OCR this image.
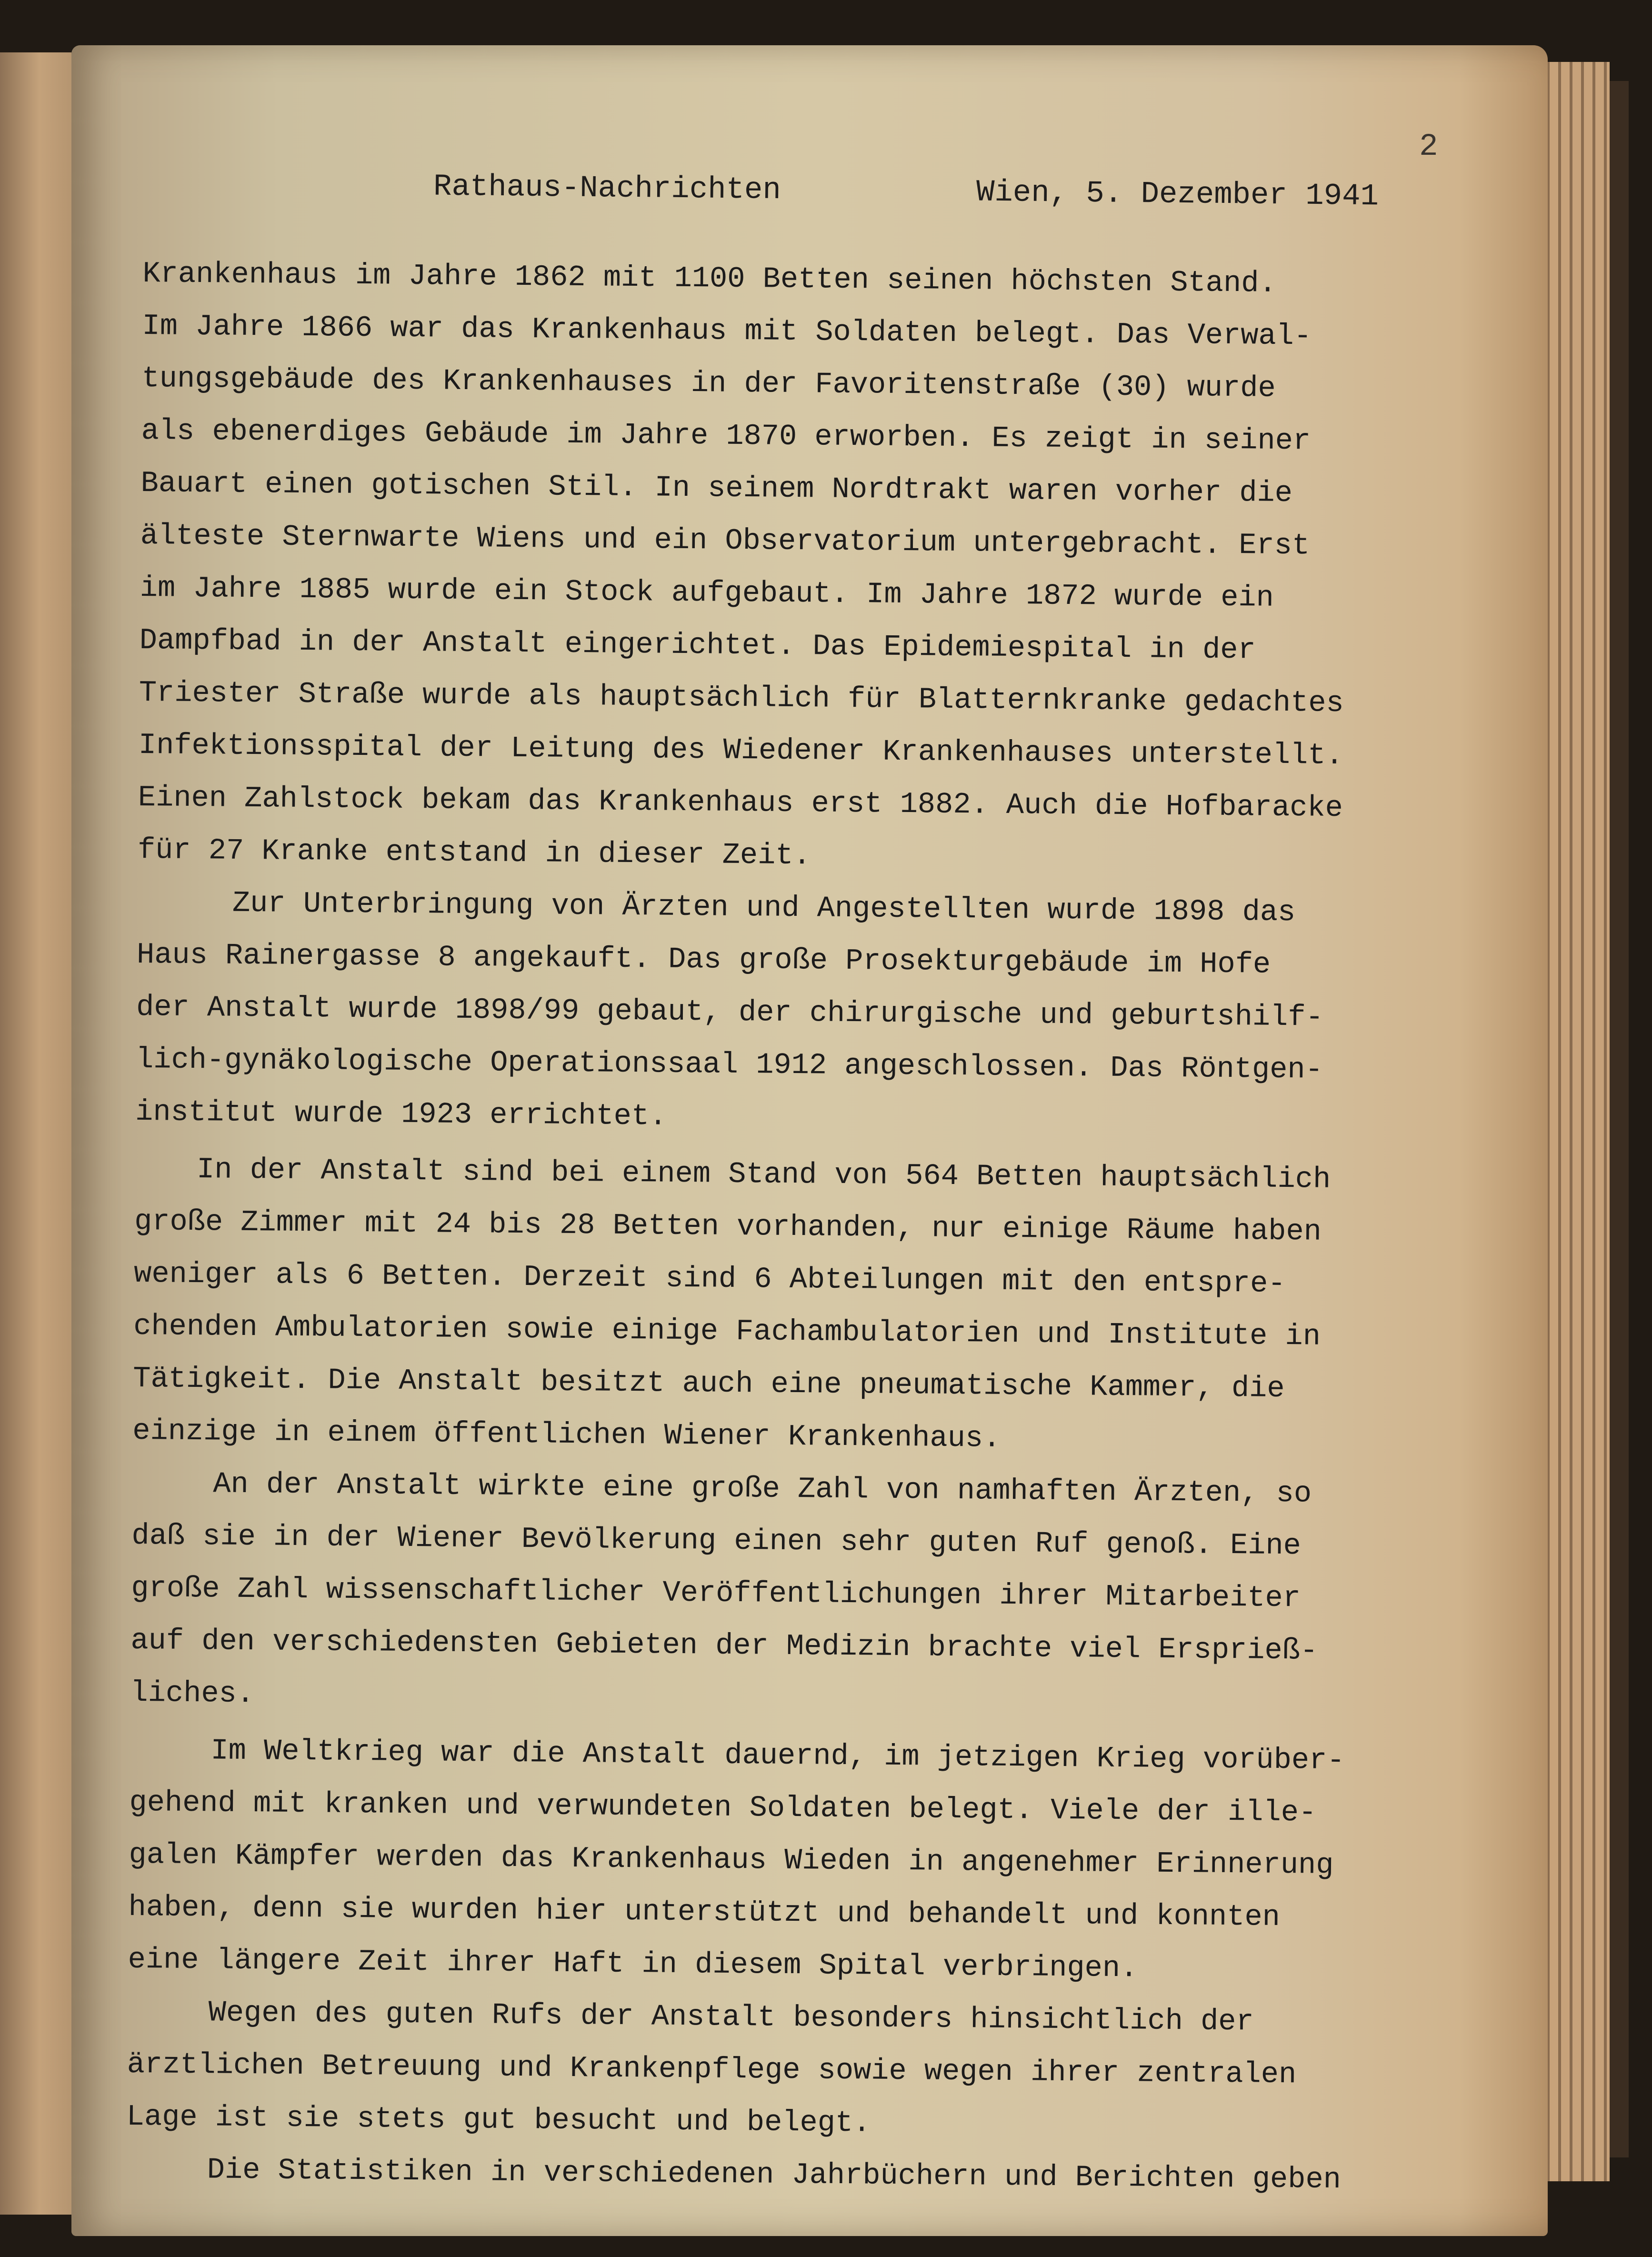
2
Rathaus-Nachrichten	Wien, 5. Dezember 1941
Krankenhaus im Jahre 1862 mit 1100 Betten seinen höchsten Stand.
Im Jahre 1866 war das Krankenhaus mit Soldaten belegt. Das Verwal-
tungsgebäude des Krankenhauses in der Favoritenstraße (30) wurde
als ebenerdiges Gebäude im Jahre 1870 erworben. Es zeigt in seiner
Bauart einen gotischen Stil. In seinem Nordtrakt waren vorher die
älteste Sternwarte Wiens und ein Observatorium untergebracht. Erst
im Jahre 1885 wurde ein Stock aufgebaut. Im Jahre 1872 wurde ein
Dampfbad in der Anstalt eingerichtet. Das Epidemiespital in der
Triester Straße wurde als hauptsächlich für Blatternkranke gedachtes
Infektionsspital der Leitung des Wiedener Krankenhauses unterstellt.
Einen Zahlstock bekam das Krankenhaus erst 1882. Auch die Hofbaracke
für 27 Kranke entstand in dieser Zeit.
Zur Unterbringung von Ärzten und Angestellten wurde 1898 das
Haus Rainergasse 8 angekauft. Das große Prosekturgebäude im Hofe
der Anstalt wurde 1898/99 gebaut, der chirurgische und geburtshilf-
lich-gynäkologische Operationssaal 1912 angeschlossen. Das Röntgen-
institut wurde 1923 errichtet.
In der Anstalt sind bei einem Stand von 564 Betten hauptsächlich
große Zimmer mit 24 bis 28 Betten vorhanden, nur einige Räume haben
weniger als 6 Betten. Derzeit sind 6 Abteilungen mit den entspre-
chenden Ambulatorien sowie einige Fachambulatorien und Institute in
Tätigkeit. Die Anstalt besitzt auch eine pneumatische Kammer, die
einzige in einem öffentlichen Wiener Krankenhaus.
An der Anstalt wirkte eine große Zahl von namhaften Ärzten, so
daß sie in der Wiener Bevölkerung einen sehr guten Ruf genoß. Eine
große Zahl wissenschaftlicher Veröffentlichungen ihrer Mitarbeiter
auf den verschiedensten Gebieten der Medizin brachte viel Ersprieß-
liches.
Im Weltkrieg war die Anstalt dauernd, im jetzigen Krieg vorüber-
gehend mit kranken und verwundeten Soldaten belegt. Viele der ille-
galen Kämpfer werden das Krankenhaus Wieden in angenehmer Erinnerung
haben, denn sie wurden hier unterstützt und behandelt und konnten
eine längere Zeit ihrer Haft in diesem Spital verbringen.
Wegen des guten Rufs der Anstalt besonders hinsichtlich der
ärztlichen Betreuung und Krankenpflege sowie wegen ihrer zentralen
Lage ist sie stets gut besucht und belegt.
Die Statistiken in verschiedenen Jahrbüchern und Berichten geben
